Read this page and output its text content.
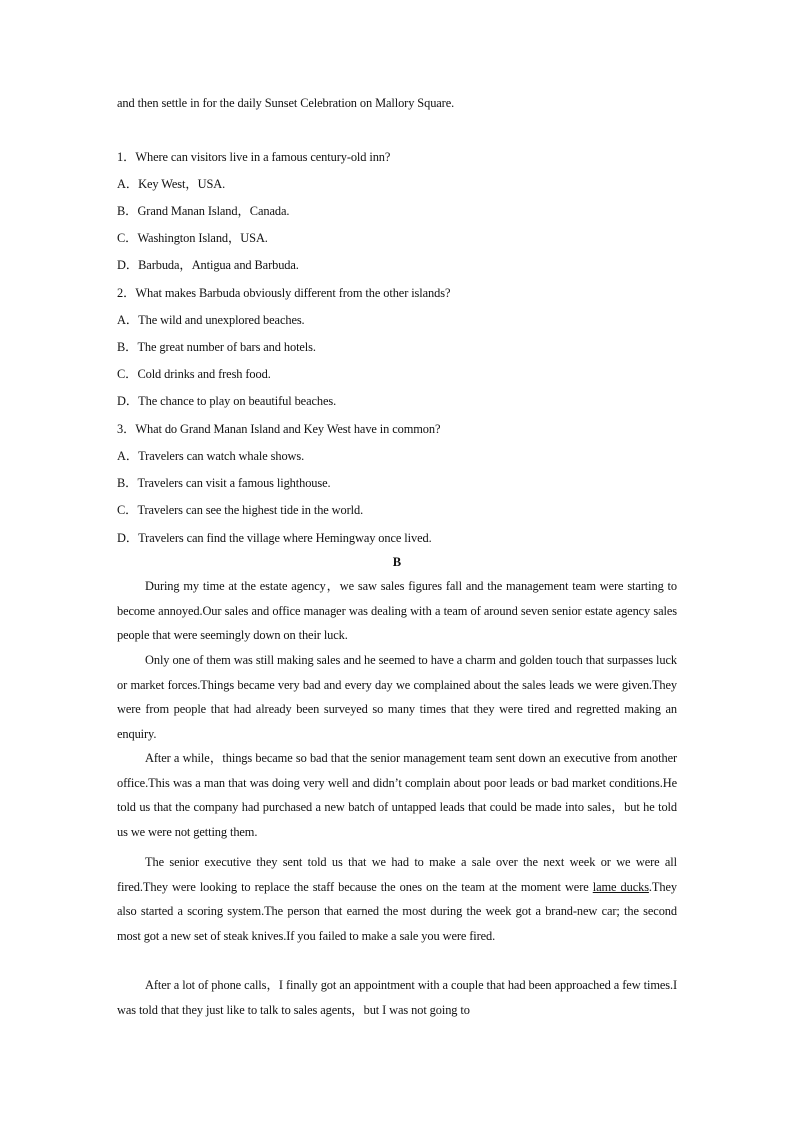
and then settle in for the daily Sunset Celebration on Mallory Square.
1．Where can visitors live in a famous century-old inn?
A．Key West，USA.
B．Grand Manan Island，Canada.
C．Washington Island，USA.
D．Barbuda，Antigua and Barbuda.
2．What makes Barbuda obviously different from the other islands?
A．The wild and unexplored beaches.
B．The great number of bars and hotels.
C．Cold drinks and fresh food.
D．The chance to play on beautiful beaches.
3．What do Grand Manan Island and Key West have in common?
A．Travelers can watch whale shows.
B．Travelers can visit a famous lighthouse.
C．Travelers can see the highest tide in the world.
D．Travelers can find the village where Hemingway once lived.
B

During my time at the estate agency，we saw sales figures fall and the management team were starting to become annoyed.Our sales and office manager was dealing with a team of around seven senior estate agency sales people that were seemingly down on their luck.

Only one of them was still making sales and he seemed to have a charm and golden touch that surpasses luck or market forces.Things became very bad and every day we complained about the sales leads we were given.They were from people that had already been surveyed so many times that they were tired and regretted making an enquiry.

After a while，things became so bad that the senior management team sent down an executive from another office.This was a man that was doing very well and didn’t complain about poor leads or bad market conditions.He told us that the company had purchased a new batch of untapped leads that could be made into sales，but he told us we were not getting them.

The senior executive they sent told us that we had to make a sale over the next week or we were all fired.They were looking to replace the staff because the ones on the team at the moment were lame ducks.They also started a scoring system.The person that earned the most during the week got a brand-new car; the second most got a new set of steak knives.If you failed to make a sale you were fired.

After a lot of phone calls，I finally got an appointment with a couple that had been approached a few times.I was told that they just like to talk to sales agents，but I was not going to
